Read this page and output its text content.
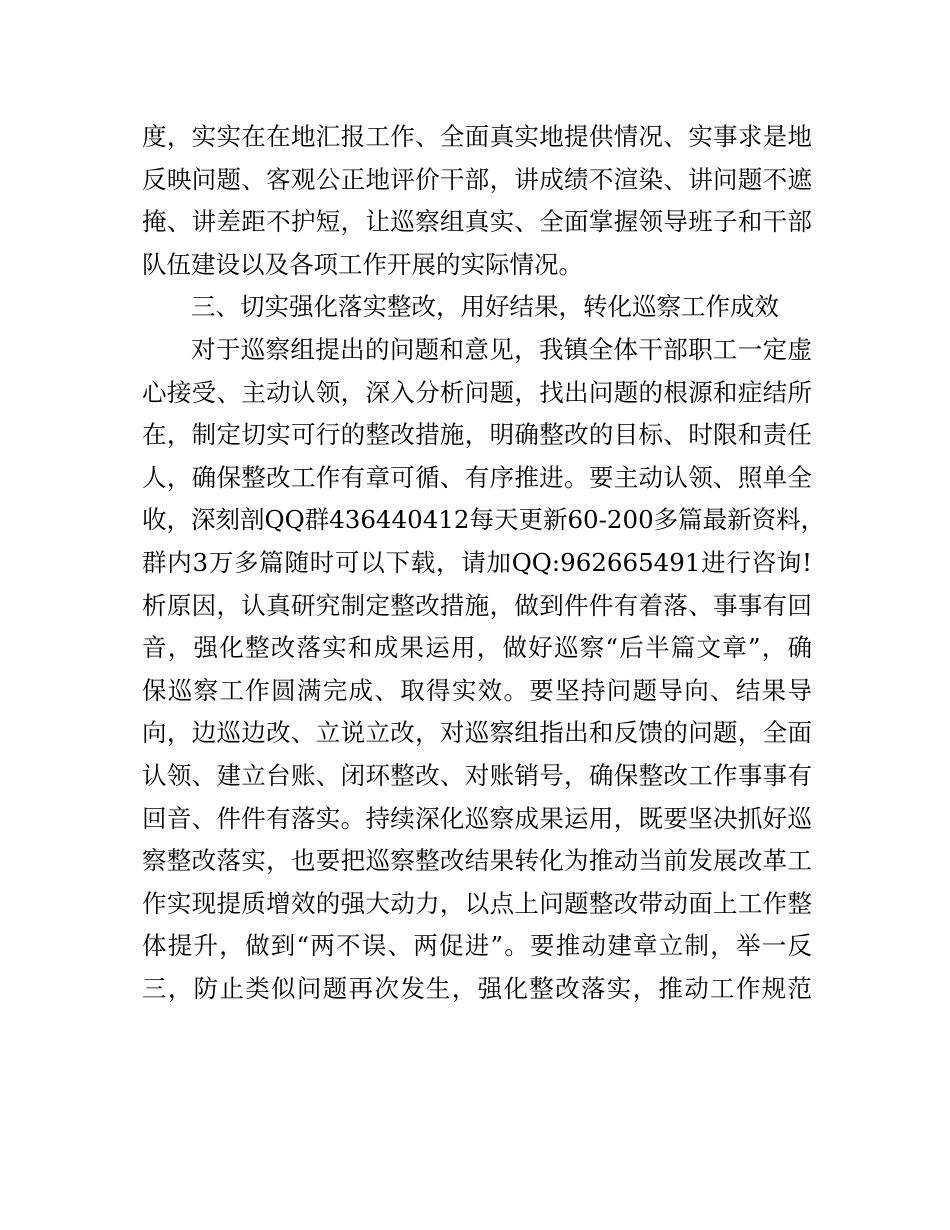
度，实实在在地汇报工作、全面真实地提供情况、实事求是地
反映问题、客观公正地评价干部，讲成绩不渲染、讲问题不遮
掩、讲差距不护短，让巡察组真实、全面掌握领导班子和干部
队伍建设以及各项工作开展的实际情况。
三、切实强化落实整改，用好结果，转化巡察工作成效
对于巡察组提出的问题和意见，我镇全体干部职工一定虚
心接受、主动认领，深入分析问题，找出问题的根源和症结所
在，制定切实可行的整改措施，明确整改的目标、时限和责任
人，确保整改工作有章可循、有序推进。要主动认领、照单全
收，深刻剖QQ群436440412每天更新60-200多篇最新资料，
群内3万多篇随时可以下载，请加QQ:962665491进行咨询!
析原因，认真研究制定整改措施，做到件件有着落、事事有回
音，强化整改落实和成果运用，做好巡察“后半篇文章”，确
保巡察工作圆满完成、取得实效。要坚持问题导向、结果导
向，边巡边改、立说立改，对巡察组指出和反馈的问题，全面
认领、建立台账、闭环整改、对账销号，确保整改工作事事有
回音、件件有落实。持续深化巡察成果运用，既要坚决抓好巡
察整改落实，也要把巡察整改结果转化为推动当前发展改革工
作实现提质增效的强大动力，以点上问题整改带动面上工作整
体提升，做到“两不误、两促进”。要推动建章立制，举一反
三，防止类似问题再次发生，强化整改落实，推动工作规范
